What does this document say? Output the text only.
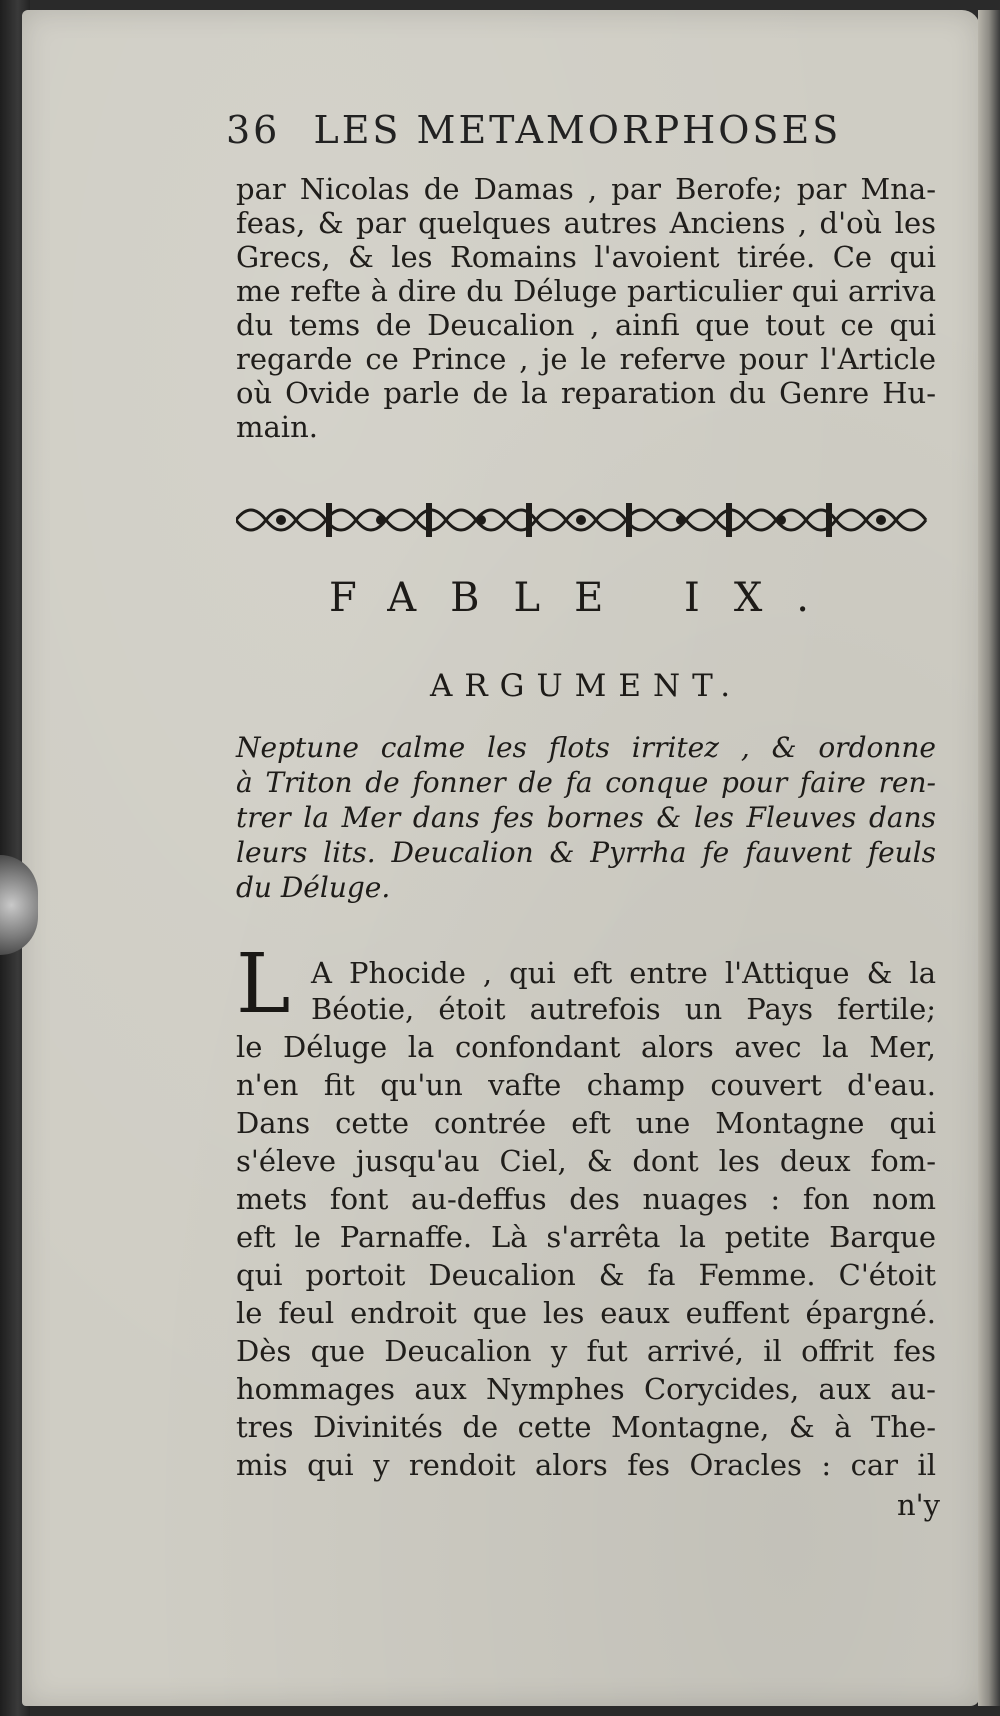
36 LES METAMORPHOSES
par Nicolas de Damas , par Berofe; par Mna-
feas, & par quelques autres Anciens , d'où les
Grecs, & les Romains l'avoient tirée. Ce qui
me refte à dire du Déluge particulier qui arriva
du tems de Deucalion , ainfi que tout ce qui
regarde ce Prince , je le referve pour l'Article
où Ovide parle de la reparation du Genre Hu-
main.
FABLE IX.
ARGUMENT.
Neptune calme les flots irritez , & ordonne
à Triton de fonner de fa conque pour faire ren-
trer la Mer dans fes bornes & les Fleuves dans
leurs lits. Deucalion & Pyrrha fe fauvent feuls
du Déluge.
L A Phocide , qui eft entre l'Attique & la
Béotie, étoit autrefois un Pays fertile;
le Déluge la confondant alors avec la Mer,
n'en fit qu'un vafte champ couvert d'eau.
Dans cette contrée eft une Montagne qui
s'éleve jusqu'au Ciel, & dont les deux fom-
mets font au-deffus des nuages : fon nom
eft le Parnaffe. Là s'arrêta la petite Barque
qui portoit Deucalion & fa Femme. C'étoit
le feul endroit que les eaux euffent épargné.
Dès que Deucalion y fut arrivé, il offrit fes
hommages aux Nymphes Corycides, aux au-
tres Divinités de cette Montagne, & à The-
mis qui y rendoit alors fes Oracles : car il
n'y
